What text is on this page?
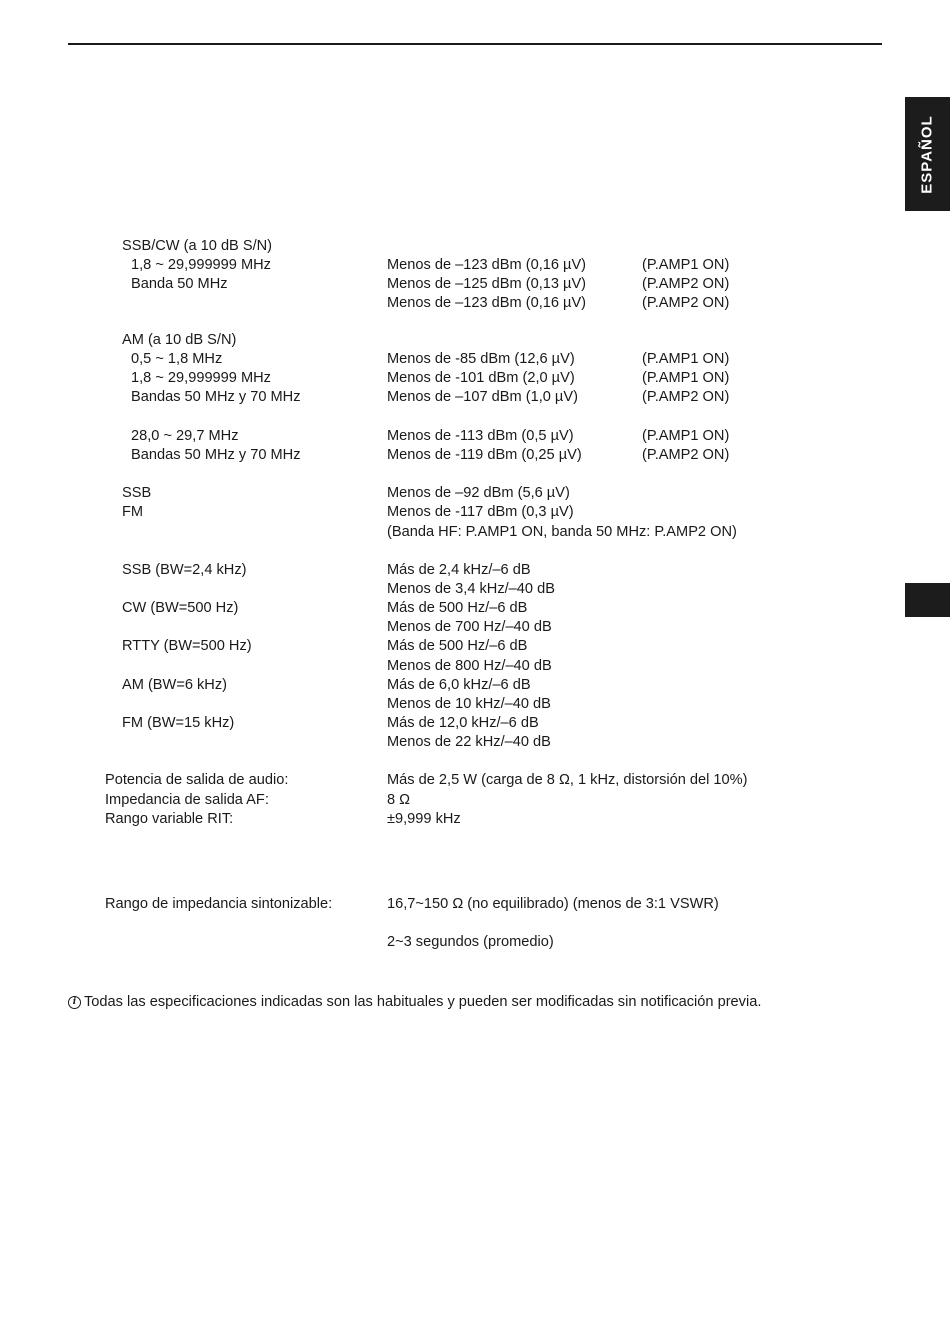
ESPAÑOL
SSB/CW (a 10 dB S/N)
1,8 ~ 29,999999 MHz	Menos de –123 dBm (0,16 µV)	(P.AMP1 ON)
Banda 50 MHz	Menos de –125 dBm (0,13 µV)	(P.AMP2 ON)
Menos de –123 dBm (0,16 µV)	(P.AMP2 ON)
AM (a 10 dB S/N)
0,5 ~ 1,8 MHz	Menos de -85 dBm (12,6 µV)	(P.AMP1 ON)
1,8 ~ 29,999999 MHz	Menos de -101 dBm (2,0 µV)	(P.AMP1 ON)
Bandas 50 MHz y 70 MHz	Menos de –107 dBm (1,0 µV)	(P.AMP2 ON)
28,0 ~ 29,7 MHz	Menos de -113 dBm (0,5 µV)	(P.AMP1 ON)
Bandas 50 MHz y 70 MHz	Menos de -119 dBm (0,25 µV)	(P.AMP2 ON)
SSB	Menos de –92 dBm (5,6 µV)
FM	Menos de -117 dBm (0,3 µV)
(Banda HF: P.AMP1 ON, banda 50 MHz: P.AMP2 ON)
SSB (BW=2,4 kHz)	Más de 2,4 kHz/–6 dB
Menos de 3,4 kHz/–40 dB
CW (BW=500 Hz)	Más de 500 Hz/–6 dB
Menos de 700 Hz/–40 dB
RTTY (BW=500 Hz)	Más de 500 Hz/–6 dB
Menos de 800 Hz/–40 dB
AM (BW=6 kHz)	Más de 6,0 kHz/–6 dB
Menos de 10 kHz/–40 dB
FM (BW=15 kHz)	Más de 12,0 kHz/–6 dB
Menos de 22 kHz/–40 dB
Potencia de salida de audio:	Más de 2,5 W (carga de 8 Ω, 1 kHz, distorsión del 10%)
Impedancia de salida AF:	8 Ω
Rango variable RIT:	±9,999 kHz
Rango de impedancia sintonizable:	16,7~150 Ω (no equilibrado) (menos de 3:1 VSWR)
2~3 segundos (promedio)
i Todas las especificaciones indicadas son las habituales y pueden ser modificadas sin notificación previa.
